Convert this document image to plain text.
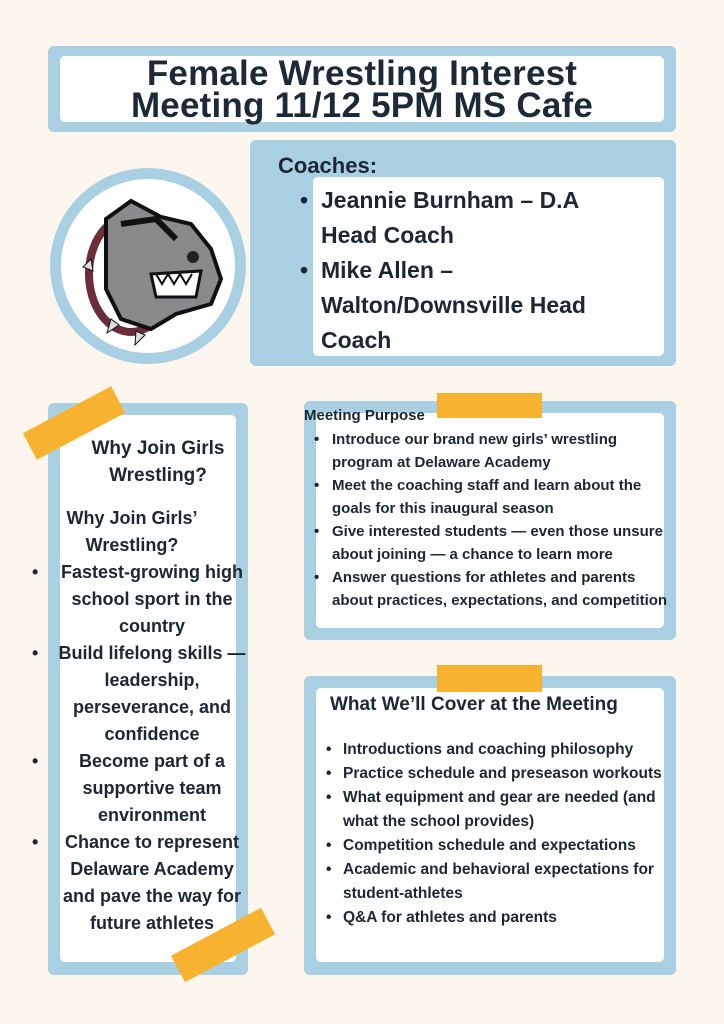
Female Wrestling Interest
Meeting 11/12 5PM MS Cafe
Coaches:
• Jeannie Burnham – D.A Head Coach
• Mike Allen – Walton/Downsville Head Coach
Why Join Girls Wrestling?
Why Join Girls’ Wrestling?
• Fastest-growing high school sport in the country
• Build lifelong skills — leadership, perseverance, and confidence
• Become part of a supportive team environment
• Chance to represent Delaware Academy and pave the way for future athletes
Meeting Purpose
• Introduce our brand new girls’ wrestling program at Delaware Academy
• Meet the coaching staff and learn about the goals for this inaugural season
• Give interested students — even those unsure about joining — a chance to learn more
• Answer questions for athletes and parents about practices, expectations, and competition
What We’ll Cover at the Meeting
• Introductions and coaching philosophy
• Practice schedule and preseason workouts
• What equipment and gear are needed (and what the school provides)
• Competition schedule and expectations
• Academic and behavioral expectations for student-athletes
• Q&A for athletes and parents
